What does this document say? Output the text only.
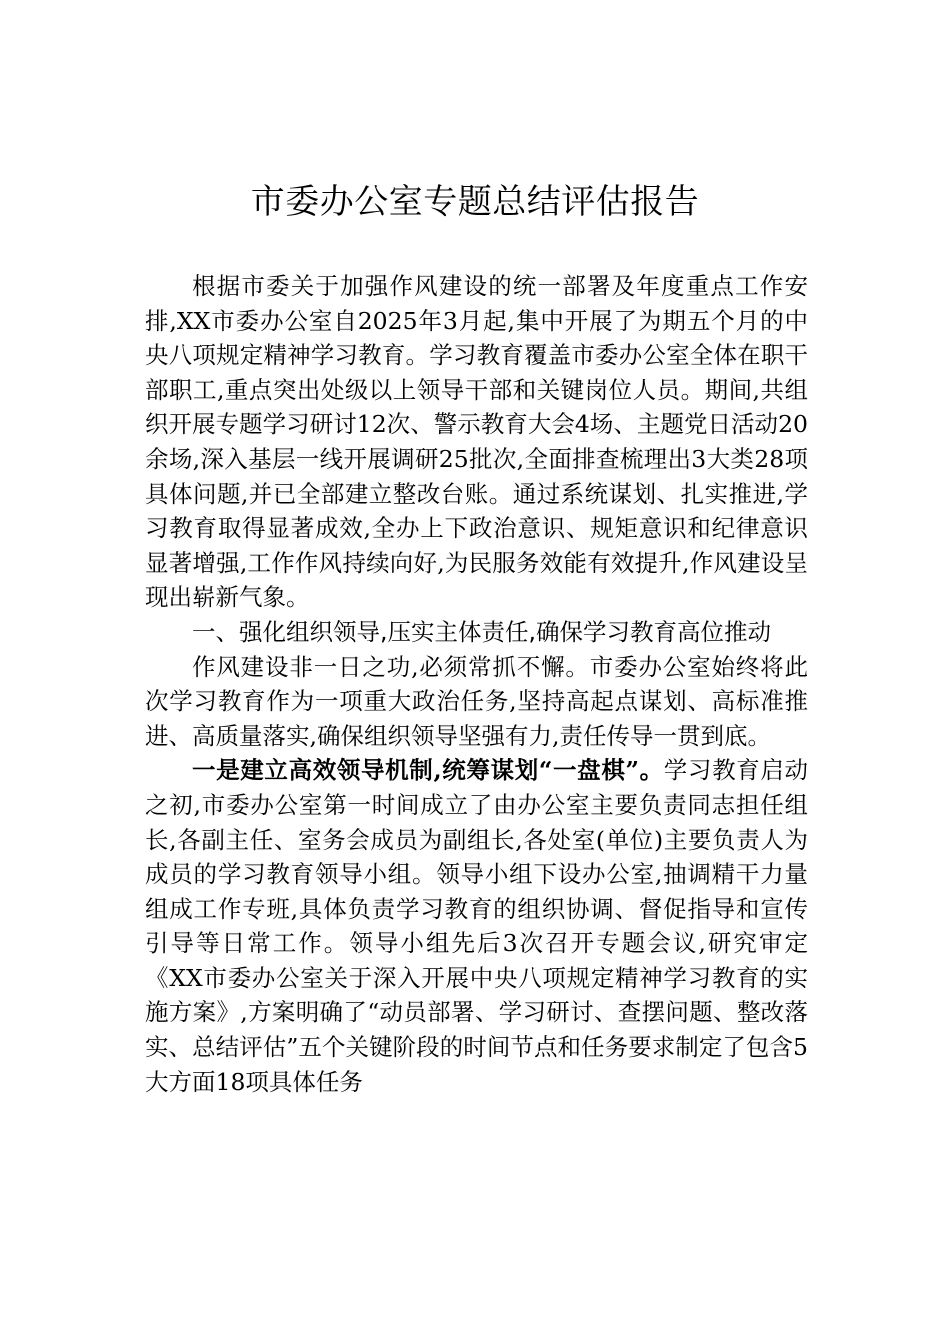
市委办公室专题总结评估报告

根据市委关于加强作风建设的统一部署及年度重点工作安排,XX市委办公室自2025年3月起,集中开展了为期五个月的中央八项规定精神学习教育。学习教育覆盖市委办公室全体在职干部职工,重点突出处级以上领导干部和关键岗位人员。期间,共组织开展专题学习研讨12次、警示教育大会4场、主题党日活动20余场,深入基层一线开展调研25批次,全面排查梳理出3大类28项具体问题,并已全部建立整改台账。通过系统谋划、扎实推进,学习教育取得显著成效,全办上下政治意识、规矩意识和纪律意识显著增强,工作作风持续向好,为民服务效能有效提升,作风建设呈现出崭新气象。

一、强化组织领导,压实主体责任,确保学习教育高位推动

作风建设非一日之功,必须常抓不懈。市委办公室始终将此次学习教育作为一项重大政治任务,坚持高起点谋划、高标准推进、高质量落实,确保组织领导坚强有力,责任传导一贯到底。

一是建立高效领导机制,统筹谋划“一盘棋”。学习教育启动之初,市委办公室第一时间成立了由办公室主要负责同志担任组长,各副主任、室务会成员为副组长,各处室(单位)主要负责人为成员的学习教育领导小组。领导小组下设办公室,抽调精干力量组成工作专班,具体负责学习教育的组织协调、督促指导和宣传引导等日常工作。领导小组先后3次召开专题会议,研究审定《XX市委办公室关于深入开展中央八项规定精神学习教育的实施方案》,方案明确了“动员部署、学习研讨、查摆问题、整改落实、总结评估”五个关键阶段的时间节点和任务要求制定了包含5大方面18项具体任务
